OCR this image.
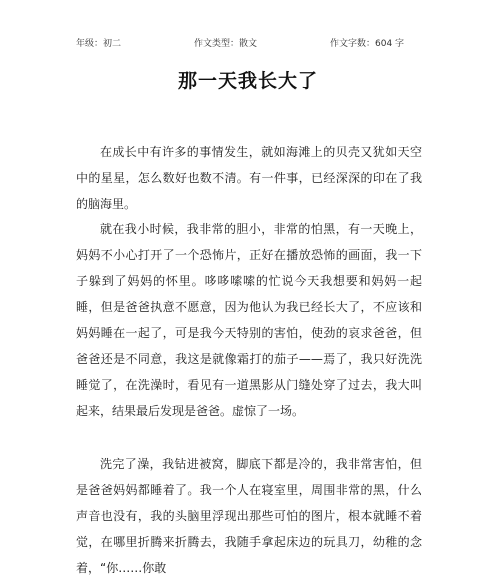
年级：初二	作文类型：散文	作文字数：604 字
那一天我长大了

在成长中有许多的事情发生，就如海滩上的贝壳又犹如天空中的星星，怎么数好也数不清。有一件事，已经深深的印在了我的脑海里。

就在我小时候，我非常的胆小，非常的怕黑，有一天晚上，妈妈不小心打开了一个恐怖片，正好在播放恐怖的画面，我一下子躲到了妈妈的怀里。哆哆嗦嗦的忙说今天我想要和妈妈一起睡，但是爸爸执意不愿意，因为他认为我已经长大了，不应该和妈妈睡在一起了，可是我今天特别的害怕，使劲的哀求爸爸，但爸爸还是不同意，我这是就像霜打的茄子——焉了，我只好洗洗睡觉了，在洗澡时，看见有一道黑影从门缝处穿了过去，我大叫起来，结果最后发现是爸爸。虚惊了一场。

洗完了澡，我钻进被窝，脚底下都是冷的，我非常害怕，但是爸爸妈妈都睡着了。我一个人在寝室里，周围非常的黑，什么声音也没有，我的头脑里浮现出那些可怕的图片，根本就睡不着觉，在哪里折腾来折腾去，我随手拿起床边的玩具刀，幼稚的念着，“你……你敢
